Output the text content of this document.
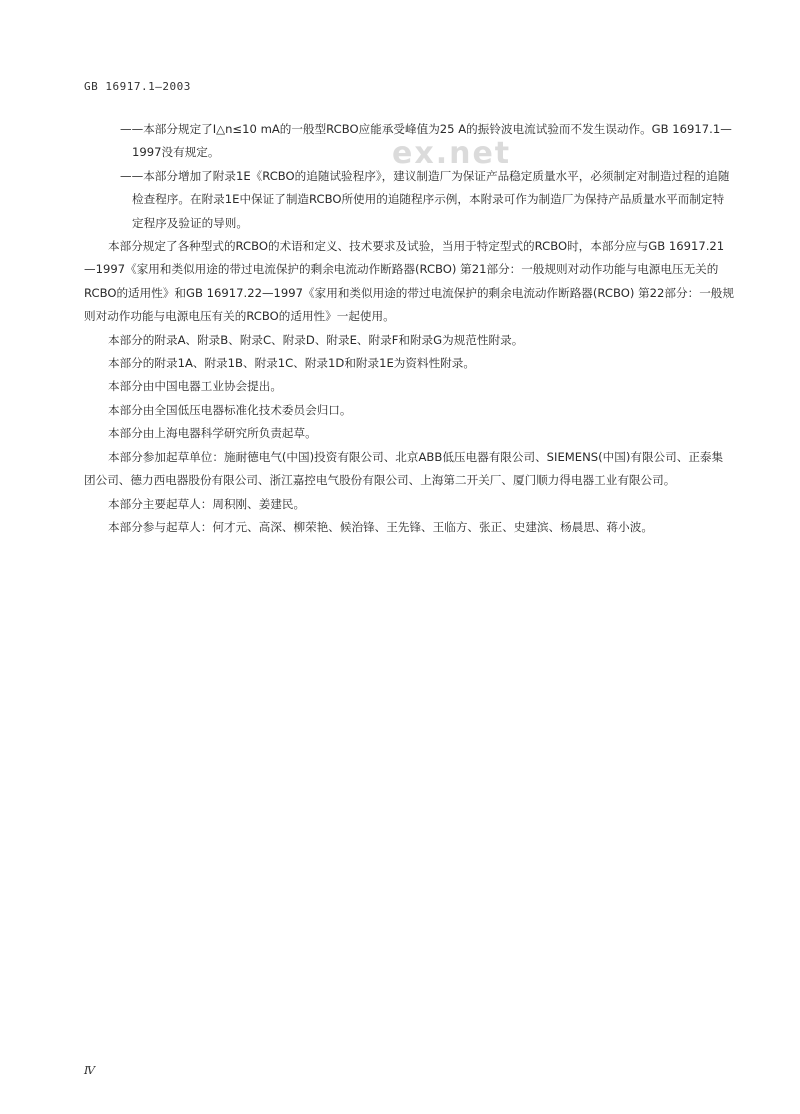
GB 16917.1—2003
ex.net

——本部分规定了I△n≤10 mA的一般型RCBO应能承受峰值为25 A的振铃波电流试验而不发生误动作。GB 16917.1—1997没有规定。

——本部分增加了附录1E《RCBO的追随试验程序》，建议制造厂为保证产品稳定质量水平，必须制定对制造过程的追随检查程序。在附录1E中保证了制造RCBO所使用的追随程序示例，本附录可作为制造厂为保持产品质量水平而制定特定程序及验证的导则。

本部分规定了各种型式的RCBO的术语和定义、技术要求及试验，当用于特定型式的RCBO时，本部分应与GB 16917.21—1997《家用和类似用途的带过电流保护的剩余电流动作断路器(RCBO) 第21部分：一般规则对动作功能与电源电压无关的RCBO的适用性》和GB 16917.22—1997《家用和类似用途的带过电流保护的剩余电流动作断路器(RCBO) 第22部分：一般规则对动作功能与电源电压有关的RCBO的适用性》一起使用。

本部分的附录A、附录B、附录C、附录D、附录E、附录F和附录G为规范性附录。

本部分的附录1A、附录1B、附录1C、附录1D和附录1E为资料性附录。

本部分由中国电器工业协会提出。

本部分由全国低压电器标准化技术委员会归口。

本部分由上海电器科学研究所负责起草。

本部分参加起草单位：施耐德电气(中国)投资有限公司、北京ABB低压电器有限公司、SIEMENS(中国)有限公司、正泰集团公司、德力西电器股份有限公司、浙江嘉控电气股份有限公司、上海第二开关厂、厦门顺力得电器工业有限公司。

本部分主要起草人：周积刚、姜建民。

本部分参与起草人：何才元、高深、柳荣艳、候治锋、王先锋、王临方、张正、史建滨、杨晨思、蒋小波。

Ⅳ
